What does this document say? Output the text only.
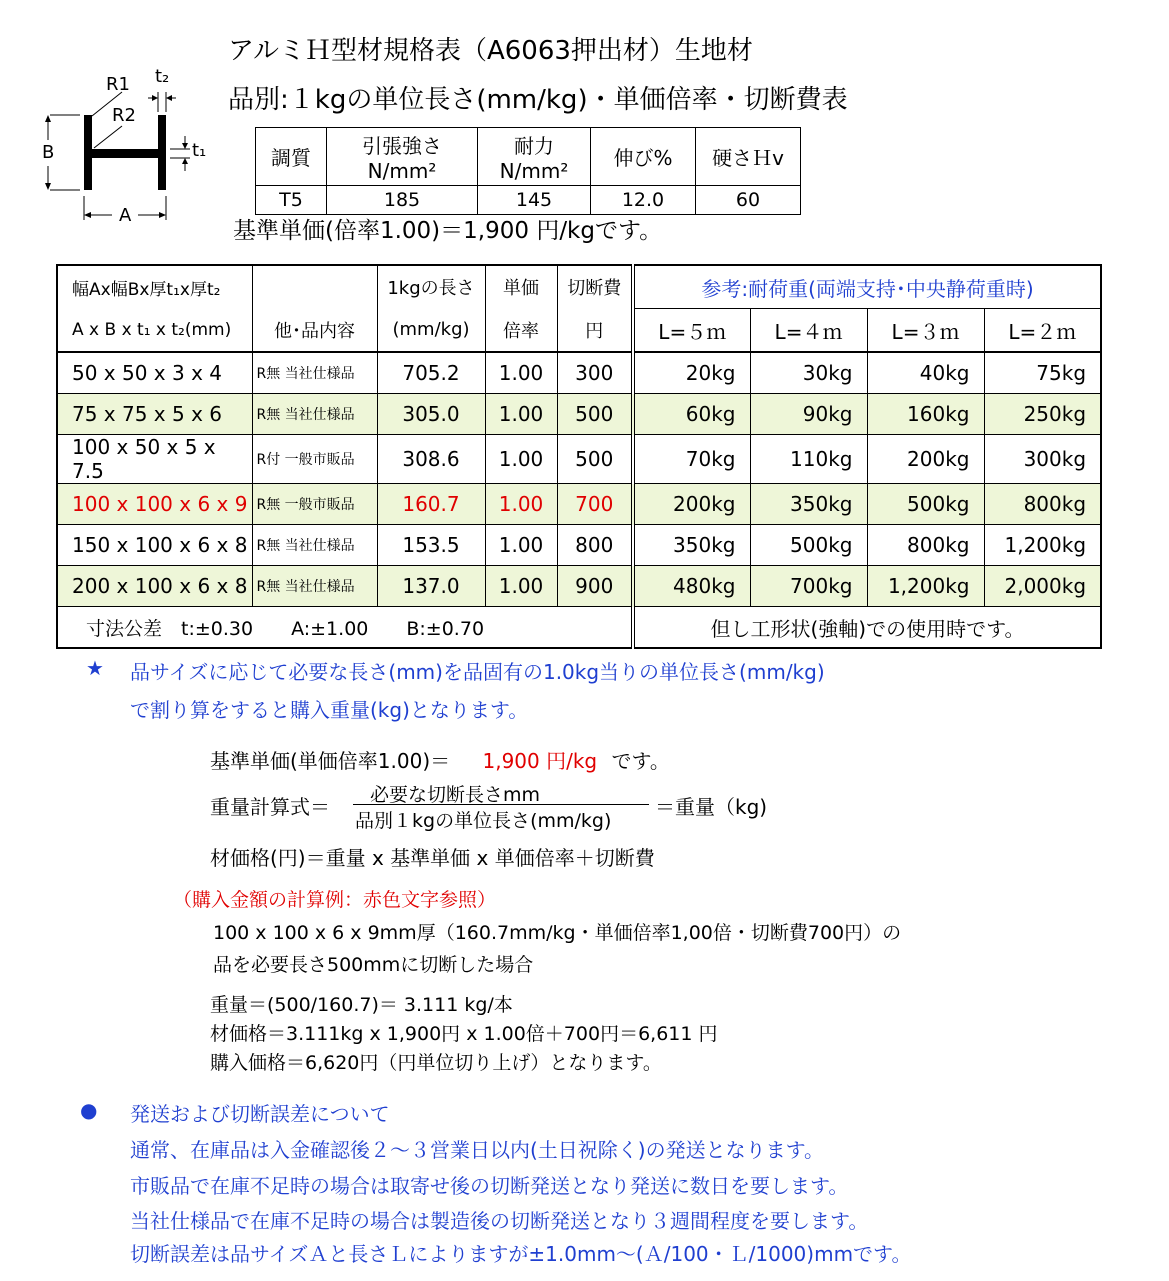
アルミＨ型材規格表（A6063押出材）生地材
品別:１kgの単位長さ(mm/kg)・単価倍率・切断費表
R1
R2
t₂
t₁
B
A
調質	引張強さN/mm²	耐力N/mm²	伸び%	硬さＨv
T5	185	145	12.0	60
基準単価(倍率1.00)＝1,900 円/kgです。
幅Ax幅Bx厚t₁x厚t₂		1kgの長さ	単価	切断費	参考:耐荷重(両端支持･中央静荷重時)			
A x B x t₁ x t₂(mm)	他･品内容	(mm/kg)	倍率	円	L=５ｍ	L=４ｍ	L=３ｍ	L=２ｍ
50 x 50 x 3 x 4	R無 当社仕様品	705.2	1.00	300	20kg	30kg	40kg	75kg
75 x 75 x 5 x 6	R無 当社仕様品	305.0	1.00	500	60kg	90kg	160kg	250kg
100 x 50 x 5 x 7.5	R付 一般市販品	308.6	1.00	500	70kg	110kg	200kg	300kg
100 x 100 x 6 x 9	R無 一般市販品	160.7	1.00	700	200kg	350kg	500kg	800kg
150 x 100 x 6 x 8	R無 当社仕様品	153.5	1.00	800	350kg	500kg	800kg	1,200kg
200 x 100 x 6 x 8	R無 当社仕様品	137.0	1.00	900	480kg	700kg	1,200kg	2,000kg
寸法公差　t:±0.30　　A:±1.00　　B:±0.70					但し工形状(強軸)での使用時です。			
★ 品サイズに応じて必要な長さ(mm)を品固有の1.0kg当りの単位長さ(mm/kg)
で割り算をすると購入重量(kg)となります。
基準単価(単価倍率1.00)＝ 1,900 円/kg です。
重量計算式＝ 必要な切断長さmm
品別１kgの単位長さ(mm/kg)
＝重量（kg)
材価格(円)＝重量 x 基準単価 x 単価倍率＋切断費
（購入金額の計算例：赤色文字参照）
100 x 100 x 6 x 9mm厚（160.7mm/kg・単価倍率1,00倍・切断費700円）の
品を必要長さ500mmに切断した場合
重量＝(500/160.7)＝ 3.111 kg/本
材価格＝3.111kg x 1,900円 x 1.00倍＋700円＝6,611 円
購入価格＝6,620円（円単位切り上げ）となります。
● 発送および切断誤差について
通常、在庫品は入金確認後２～３営業日以内(土日祝除く)の発送となります。
市販品で在庫不足時の場合は取寄せ後の切断発送となり発送に数日を要します。
当社仕様品で在庫不足時の場合は製造後の切断発送となり３週間程度を要します。
切断誤差は品サイズＡと長さＬによりますが±1.0mm～(Ａ/100・Ｌ/1000)mmです。
